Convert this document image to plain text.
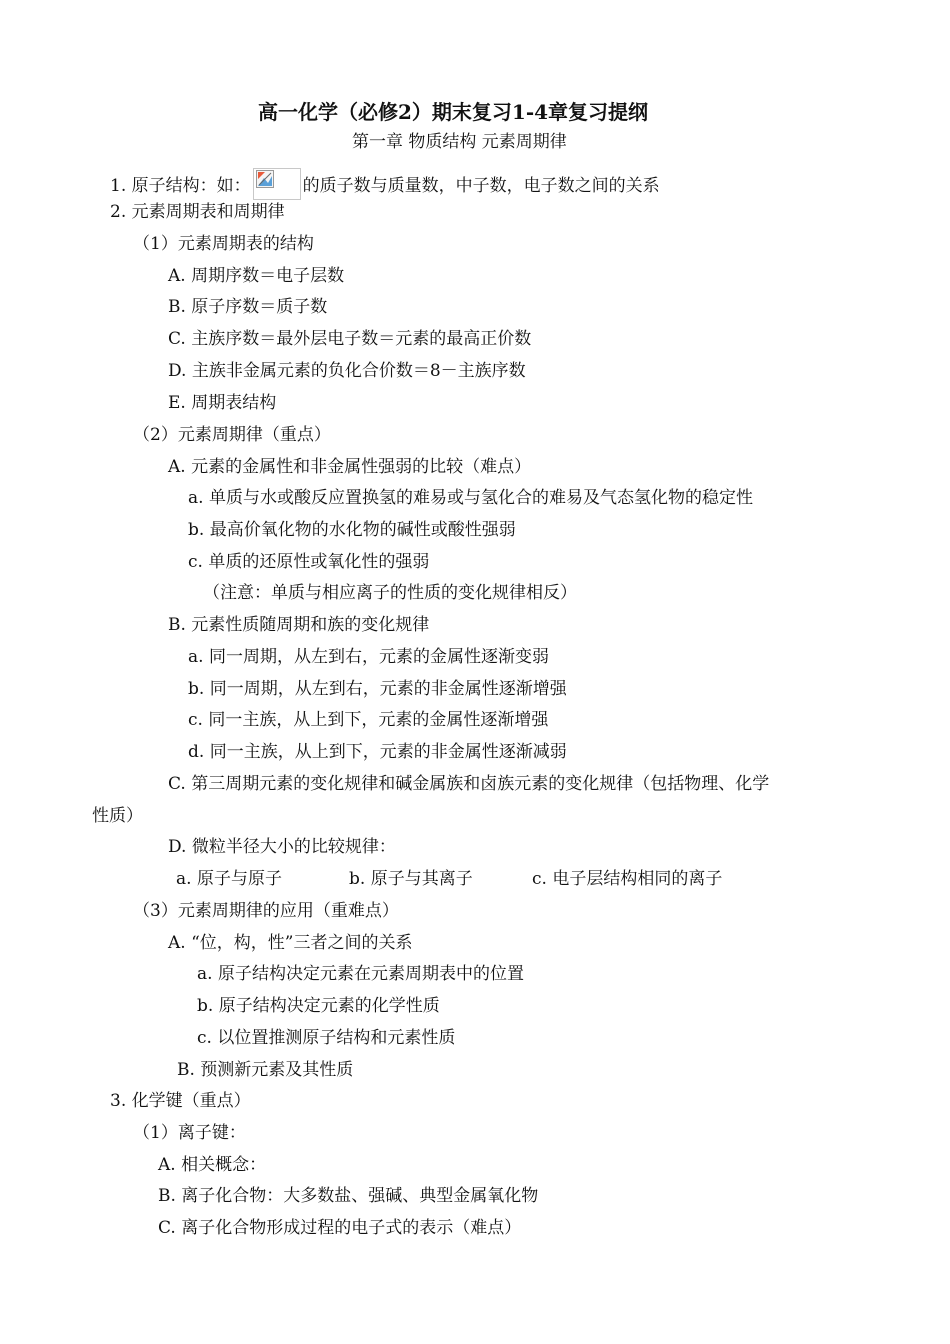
高一化学（必修2）期末复习1-4章复习提纲
第一章 物质结构 元素周期律
1. 原子结构：如：	的质子数与质量数，中子数，电子数之间的关系
2. 元素周期表和周期律
（1）元素周期表的结构
A. 周期序数＝电子层数
B. 原子序数＝质子数
C. 主族序数＝最外层电子数＝元素的最高正价数
D. 主族非金属元素的负化合价数＝8－主族序数
E. 周期表结构
（2）元素周期律（重点）
A. 元素的金属性和非金属性强弱的比较（难点）
a. 单质与水或酸反应置换氢的难易或与氢化合的难易及气态氢化物的稳定性
b. 最高价氧化物的水化物的碱性或酸性强弱
c. 单质的还原性或氧化性的强弱
（注意：单质与相应离子的性质的变化规律相反）
B. 元素性质随周期和族的变化规律
a. 同一周期，从左到右，元素的金属性逐渐变弱
b. 同一周期，从左到右，元素的非金属性逐渐增强
c. 同一主族，从上到下，元素的金属性逐渐增强
d. 同一主族，从上到下，元素的非金属性逐渐减弱
C. 第三周期元素的变化规律和碱金属族和卤族元素的变化规律（包括物理、化学
性质）
D. 微粒半径大小的比较规律：
a. 原子与原子	b. 原子与其离子	c. 电子层结构相同的离子
（3）元素周期律的应用（重难点）
A. “位，构，性”三者之间的关系
a. 原子结构决定元素在元素周期表中的位置
b. 原子结构决定元素的化学性质
c. 以位置推测原子结构和元素性质
B. 预测新元素及其性质
3. 化学键（重点）
（1）离子键：
A. 相关概念：
B. 离子化合物：大多数盐、强碱、典型金属氧化物
C. 离子化合物形成过程的电子式的表示（难点）
